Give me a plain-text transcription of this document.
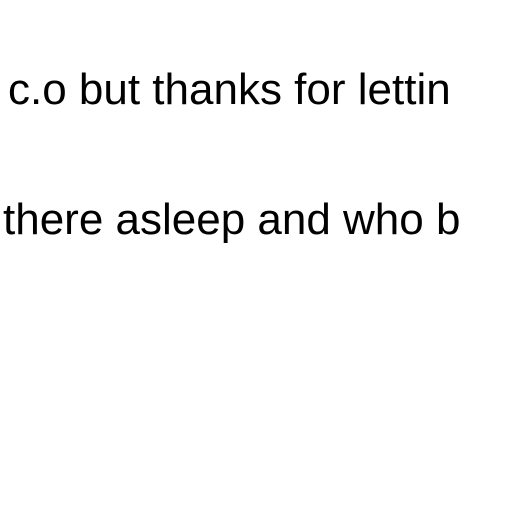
c.o but thanks for lettin
there asleep and who b
